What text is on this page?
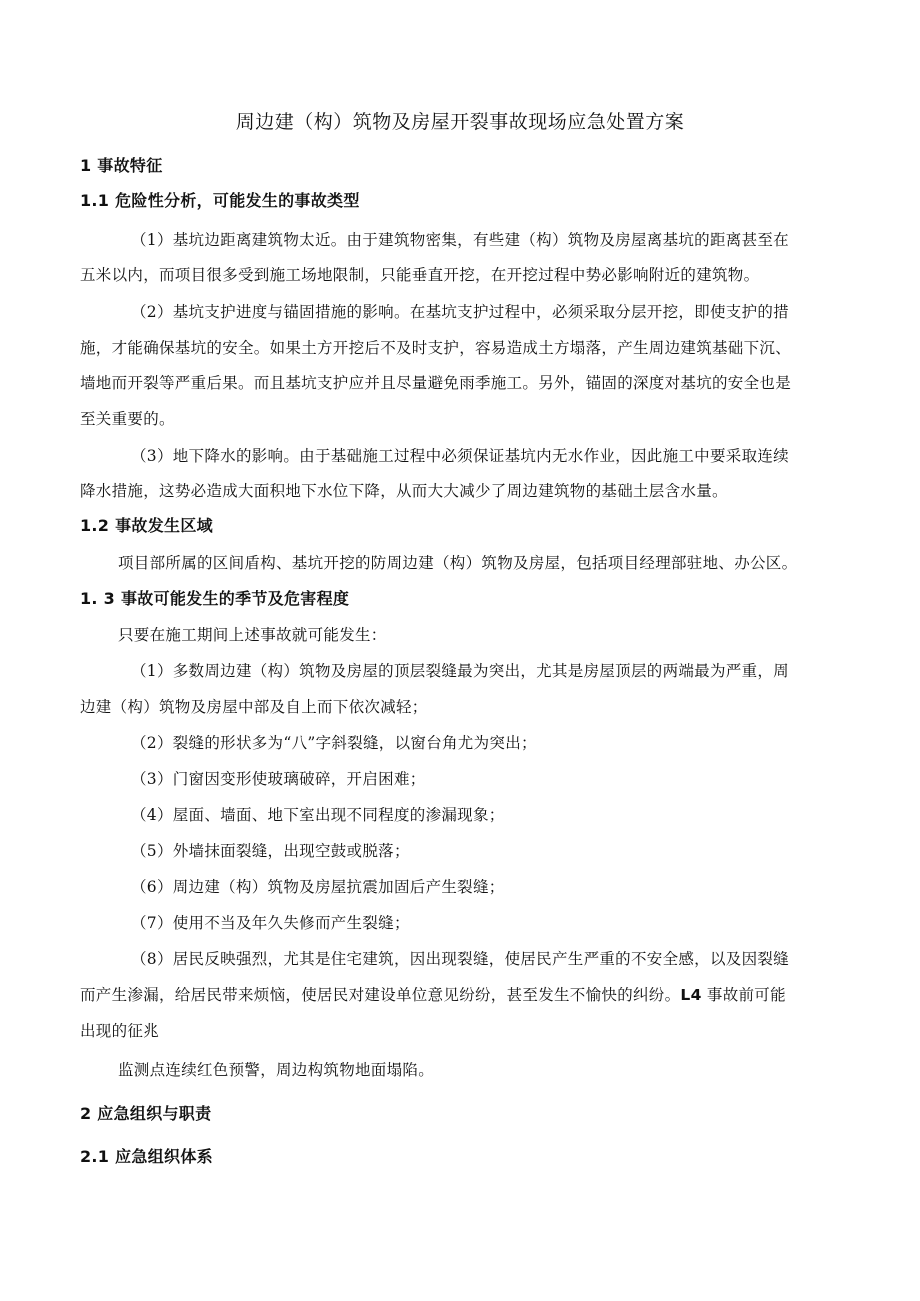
周边建（构）筑物及房屋开裂事故现场应急处置方案
1 事故特征
1.1 危险性分析，可能发生的事故类型
（1）基坑边距离建筑物太近。由于建筑物密集，有些建（构）筑物及房屋离基坑的距离甚至在
五米以内，而项目很多受到施工场地限制，只能垂直开挖，在开挖过程中势必影响附近的建筑物。
（2）基坑支护进度与锚固措施的影响。在基坑支护过程中，必须采取分层开挖，即使支护的措
施，才能确保基坑的安全。如果土方开挖后不及时支护，容易造成土方塌落，产生周边建筑基础下沉、
墙地而开裂等严重后果。而且基坑支护应并且尽量避免雨季施工。另外，锚固的深度对基坑的安全也是
至关重要的。
（3）地下降水的影响。由于基础施工过程中必须保证基坑内无水作业，因此施工中要采取连续
降水措施，这势必造成大面积地下水位下降，从而大大减少了周边建筑物的基础土层含水量。
1.2 事故发生区域
项目部所属的区间盾构、基坑开挖的防周边建（构）筑物及房屋，包括项目经理部驻地、办公区。
1. 3 事故可能发生的季节及危害程度
只要在施工期间上述事故就可能发生：
（1）多数周边建（构）筑物及房屋的顶层裂缝最为突出，尤其是房屋顶层的两端最为严重，周
边建（构）筑物及房屋中部及自上而下依次减轻；
（2）裂缝的形状多为“八”字斜裂缝，以窗台角尤为突出；
（3）门窗因变形使玻璃破碎，开启困难；
（4）屋面、墙面、地下室出现不同程度的渗漏现象；
（5）外墙抹面裂缝，出现空鼓或脱落；
（6）周边建（构）筑物及房屋抗震加固后产生裂缝；
（7）使用不当及年久失修而产生裂缝；
（8）居民反映强烈，尤其是住宅建筑，因出现裂缝，使居民产生严重的不安全感，以及因裂缝
而产生渗漏，给居民带来烦恼，使居民对建设单位意见纷纷，甚至发生不愉快的纠纷。L4 事故前可能
出现的征兆
监测点连续红色预警，周边构筑物地面塌陷。
2 应急组织与职责
2.1 应急组织体系
